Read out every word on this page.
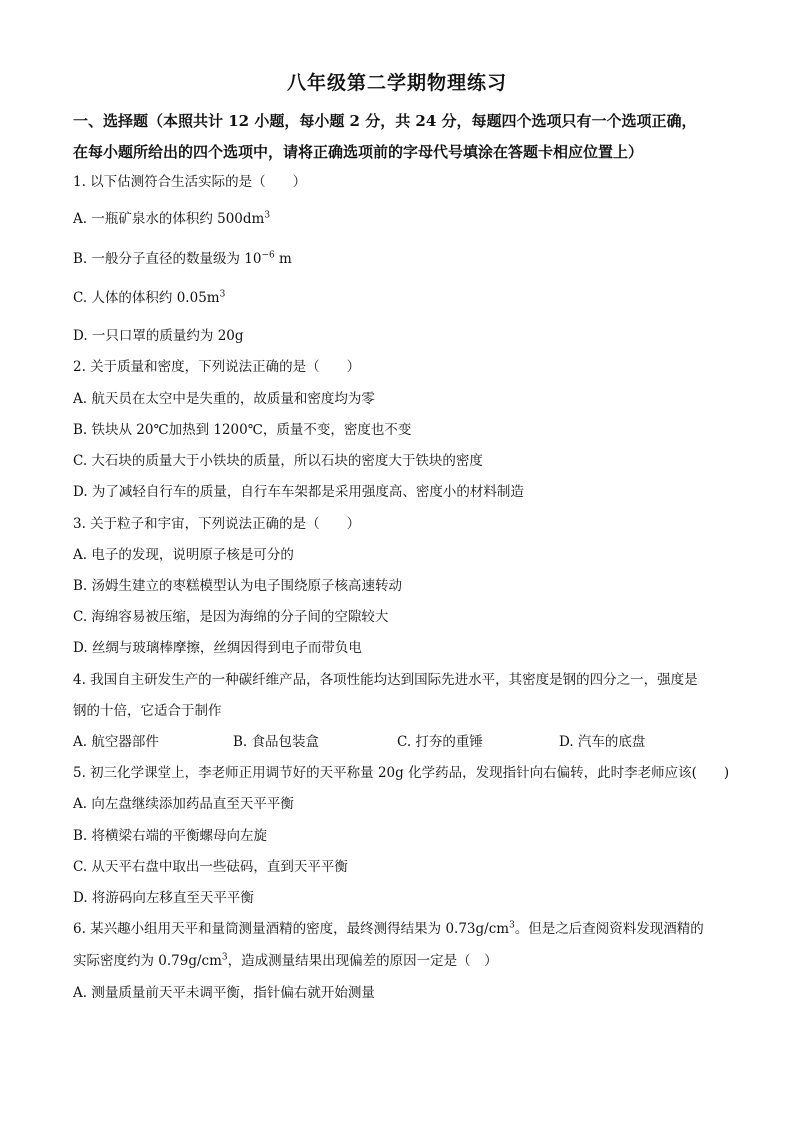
八年级第二学期物理练习
一、选择题（本照共计 12 小题，每小题 2 分，共 24 分，每题四个选项只有一个选项正确，
在每小题所给出的四个选项中，请将正确选项前的字母代号填涂在答题卡相应位置上）
1. 以下估测符合生活实际的是（　　）
A. 一瓶矿泉水的体积约 $500dm^3$
B. 一般分子直径的数量级为 $10^{-6}$ m
C. 人体的体积约 $0.05m^3$
D. 一只口罩的质量约为 20g
2. 关于质量和密度，下列说法正确的是（　　）
A. 航天员在太空中是失重的，故质量和密度均为零
B. 铁块从 20℃加热到 1200℃，质量不变，密度也不变
C. 大石块的质量大于小铁块的质量，所以石块的密度大于铁块的密度
D. 为了减轻自行车的质量，自行车车架都是采用强度高、密度小的材料制造
3. 关于粒子和宇宙，下列说法正确的是（　　）
A. 电子的发现，说明原子核是可分的
B. 汤姆生建立的枣糕模型认为电子围绕原子核高速转动
C. 海绵容易被压缩，是因为海绵的分子间的空隙较大
D. 丝绸与玻璃棒摩擦，丝绸因得到电子而带负电
4. 我国自主研发生产的一种碳纤维产品，各项性能均达到国际先进水平，其密度是钢的四分之一，强度是
钢的十倍，它适合于制作
A. 航空器部件	B. 食品包装盒	C. 打夯的重锤	D. 汽车的底盘
5. 初三化学课堂上，李老师正用调节好的天平称量 20g 化学药品，发现指针向右偏转，此时李老师应该(　　)
A. 向左盘继续添加药品直至天平平衡
B. 将横梁右端的平衡螺母向左旋
C. 从天平右盘中取出一些砝码，直到天平平衡
D. 将游码向左移直至天平平衡
6. 某兴趣小组用天平和量筒测量酒精的密度，最终测得结果为 $0.73g/cm^3$。但是之后查阅资料发现酒精的
实际密度约为 $0.79g/cm^3$，造成测量结果出现偏差的原因一定是（　）
A. 测量质量前天平未调平衡，指针偏右就开始测量
